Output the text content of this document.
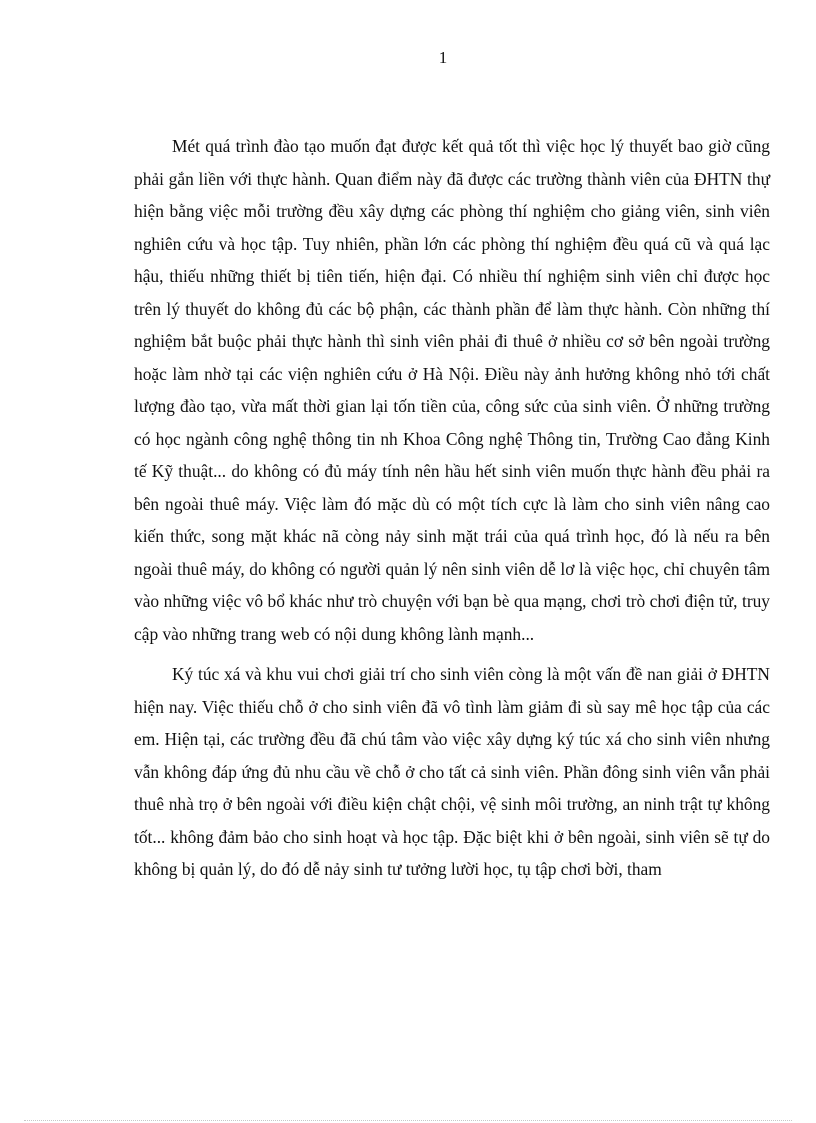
1

Mét quá trình đào tạo muốn đạt được kết quả tốt thì việc học lý thuyết bao giờ cũng phải gắn liền với thực hành. Quan điểm này đã được các trường thành viên của ĐHTN thự hiện bằng việc mỗi trường đều xây dựng các phòng thí nghiệm cho giảng viên, sinh viên nghiên cứu và học tập. Tuy nhiên, phần lớn các phòng thí nghiệm đều quá cũ và quá lạc hậu, thiếu những thiết bị tiên tiến, hiện đại. Có nhiều thí nghiệm sinh viên chỉ được học trên lý thuyết do không đủ các bộ phận, các thành phần để làm thực hành. Còn những thí nghiệm bắt buộc phải thực hành thì sinh viên phải đi thuê ở nhiều cơ sở bên ngoài trường hoặc làm nhờ tại các viện nghiên cứu ở Hà Nội. Điều này ảnh hưởng không nhỏ tới chất lượng đào tạo, vừa mất thời gian lại tốn tiền của, công sức của sinh viên. Ở những trường có học ngành công nghệ thông tin nh Khoa Công nghệ Thông tin, Trường Cao đẳng Kinh tế Kỹ thuật... do không có đủ máy tính nên hầu hết sinh viên muốn thực hành đều phải ra bên ngoài thuê máy. Việc làm đó mặc dù có một tích cực là làm cho sinh viên nâng cao kiến thức, song mặt khác nã còng nảy sinh mặt trái của quá trình học, đó là nếu ra bên ngoài thuê máy, do không có người quản lý nên sinh viên dễ lơ là việc học, chỉ chuyên tâm vào những việc vô bổ khác như trò chuyện với bạn bè qua mạng, chơi trò chơi điện tử, truy cập vào những trang web có nội dung không lành mạnh...

Ký túc xá và khu vui chơi giải trí cho sinh viên còng là một vấn đề nan giải ở ĐHTN hiện nay. Việc thiếu chỗ ở cho sinh viên đã vô tình làm giảm đi sù say mê học tập của các em. Hiện tại, các trường đều đã chú tâm vào việc xây dựng ký túc xá cho sinh viên nhưng vẫn không đáp ứng đủ nhu cầu về chỗ ở cho tất cả sinh viên. Phần đông sinh viên vẫn phải thuê nhà trọ ở bên ngoài với điều kiện chật chội, vệ sinh môi trường, an ninh trật tự không tốt... không đảm bảo cho sinh hoạt và học tập. Đặc biệt khi ở bên ngoài, sinh viên sẽ tự do không bị quản lý, do đó dễ nảy sinh tư tưởng lười học, tụ tập chơi bời, tham
